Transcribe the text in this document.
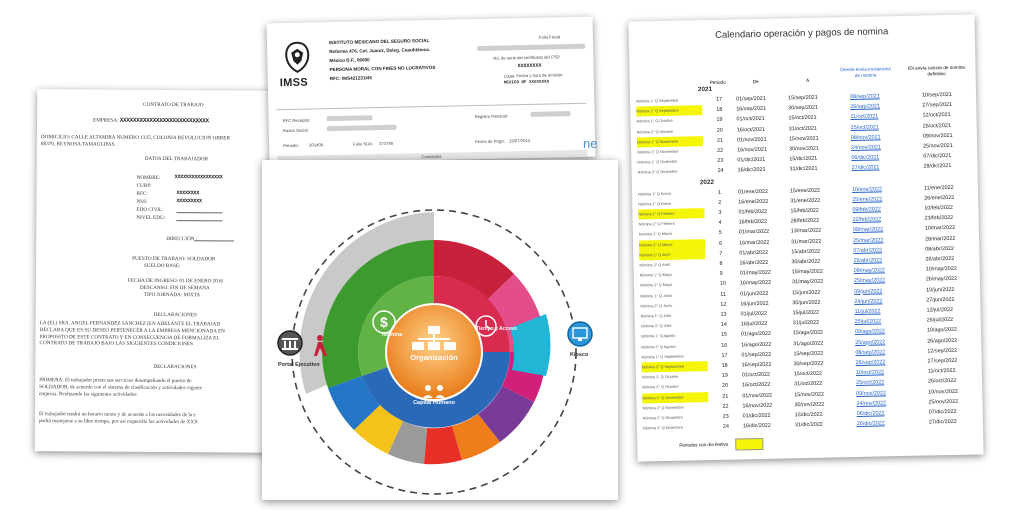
CONTRATO DE TRABAJO
EMPRESA: XXXXXXXXXXXXXXXXXXXXXXXXXXX
DOMICILIO: CALLE ALTAMIRA NUMERO 1335, COLONIA REVOLUCION OBRER
88370, REYNOSA TAMAULIPAS.
DATOS DEL TRABAJADOR
NOMBRE:	XXXXXXXXXXXXXXXXX
CURP:
RFC:	XXXXXXXX
NSS:	XXXXXXXXX
EDO CIVIL:
NIVEL EDU:
DIRECCIÓN :
PUESTO DE TRABAJO: SOLDADOR
SUELDO BASE:
FECHA DE INGRESO: 01 DE ENERO 2016
DESCANSO: FIN DE SEMANA
TIPO JORNADA: MIXTA
DECLARACIONES
LA (EL) SRA. ANGEL FERNANDEZ SANCHEZ (EN ADELANTE EL TRABAJAD
DECLARA QUE ES SU DESEO PERTENECER A LA EMPRESA MENCIONADA EN
PROPOSITO DE ESTE CONTRATO Y EN CONSECUENCIA DE FORMALIZA EL
CONTRATO DE TRABAJO BAJO LAS SIGUIENTES CONDICIONES
DECLARACIONES
PRIMERA: El trabajador presta sus servicios desempeñando el puesto de
SOLDADOR, de acuerdo con el sistema de clasificación y actividades vigente
empresa. Realizando las siguientes actividades:
El trabajador tendrá un horario mixto y de acuerdo a las necesidades de la e
podrá manejarse a su libre tiempo, por así requerirlo las actividades de XXX
IMSS
INSTITUTO MEXICANO DEL SEGURO SOCIAL
Reforma 476, Col. Juarez, Deleg. Cuauhtémoc.
México D.F., 06600
PERSONA MORAL CON FINES NO LUCRATIVOS
RFC: IMS421231I45
Folio Fiscal
No. de serie del certificado del CSD
XXXXXXXX
Lugar, Fecha y hora de emisión
MEXICO DF XXXXXXXX
RFC Receptor:
Razón Social:
Registro Patronal:
Periodo: 201408	Folio SUA: 373790	Fecha de Pago: 15/07/2014
Conceptos
ne
Calendario operación y pagos de nomina
Periodo	De	A
Cliente envía incidencias de nomina
IDI envía calculo de nomina definitivo
2021
Nómina 1° Q Septiembre	17	01/sep/2021	15/sep/2021	08/sep/2021	10/sep/2021
Nómina 2° Q Septiembre	18	16/sep/2021	30/sep/2021	26/sep/2021	27/sep/2021
Nómina 1° Q Octubre	19	01/oct/2021	15/oct/2021	11/oct/2021	12/oct/2021
Nómina 2° Q Octubre	20	16/oct/2021	31/oct/2021	25/oct/2021	26/oct/2021
Nómina 1° Q Noviembre	21	01/nov/2021	15/nov/2021	08/nov/2021	09/nov/2021
Nómina 2° Q Noviembre	22	16/nov/2021	30/nov/2021	24/nov/2021	25/nov/2021
Nómina 1° Q Diciembre	23	01/dic/2021	15/dic/2021	06/dic/2021	07/dic/2021
Nómina 2° Q Diciembre	24	16/dic/2021	31/dic/2021	27/dic/2021	28/dic/2021
2022
Nómina 1° Q Enero	1	01/ene/2022	15/ene/2022	10/ene/2022	11/ene/2022
Nómina 2° Q Enero	2	16/ene/2022	31/ene/2022	25/ene/2022	26/ene/2022
Nómina 1° Q Febrero	3	01/feb/2022	15/feb/2022	09/feb/2022	10/feb/2022
Nómina 2° Q Febrero	4	16/feb/2022	28/feb/2022	22/feb/2022	23/feb/2022
Nómina 1° Q Marzo	5	01/mar/2022	13/mar/2022	09/mar/2022	10/mar/2022
Nómina 2° Q Marzo	6	16/mar/2022	31/mar/2022	25/mar/2022	28/mar/2022
Nómina 1° Q Abril	7	01/abr/2022	15/abr/2022	07/abr/2022	08/abr/2022
Nómina 2° Q Abril	8	16/abr/2022	30/abr/2022	25/abr/2022	26/abr/2022
Nómina 1° Q Mayo	9	01/may/2022	15/may/2022	09/may/2022	10/may/2022
Nómina 2° Q Mayo	10	16/may/2022	31/may/2022	25/may/2022	26/may/2022
Nómina 1° Q Junio	11	01/jun/2022	15/jun/2022	09/jun/2022	10/jun/2022
Nómina 2° Q Junio	12	16/jun/2022	30/jun/2022	24/jun/2022	27/jun/2022
Nómina 1° Q Julio	13	01/jul/2022	15/jul/2022	11/jul/2022	12/jul/2022
Nómina 2° Q Julio	14	16/jul/2022	31/jul/2022	25/jul/2022	26/jul/2022
Nómina 1° Q Agosto	15	01/ago/2022	15/ago/2022	09/ago/2022	10/ago/2022
Nómina 2° Q Agosto	16	16/ago/2022	31/ago/2022	25/ago/2022	26/ago/2022
Nómina 1° Q Septiembre	17	01/sep/2022	15/sep/2022	08/sep/2022	12/sep/2022
Nómina 2° Q Septiembre	18	16/sep/2022	30/sep/2022	26/sep/2022	27/sep/2022
Nómina 1° Q Octubre	19	01/oct/2022	15/oct/2022	10/oct/2022	11/oct/2022
Nómina 2° Q Octubre	20	16/oct/2022	31/oct/2022	25/oct/2022	26/oct/2022
Nómina 1° Q Noviembre	21	01/nov/2022	15/nov/2022	09/nov/2022	10/nov/2022
Nómina 2° Q Noviembre	22	16/nov/2022	30/nov/2022	24/nov/2022	25/nov/2022
Nómina 1° Q Diciembre	23	01/dic/2022	15/dic/2022	06/dic/2022	07/dic/2022
Nómina 2° Q Diciembre	24	16/dic/2022	31/dic/2022	26/dic/2022	27/dic/2022
Periodos con día festivo
$
Organización
Nómina
Tiempo y Acceso
Capital Humano
Portal Ejecutivo
Kiosco
